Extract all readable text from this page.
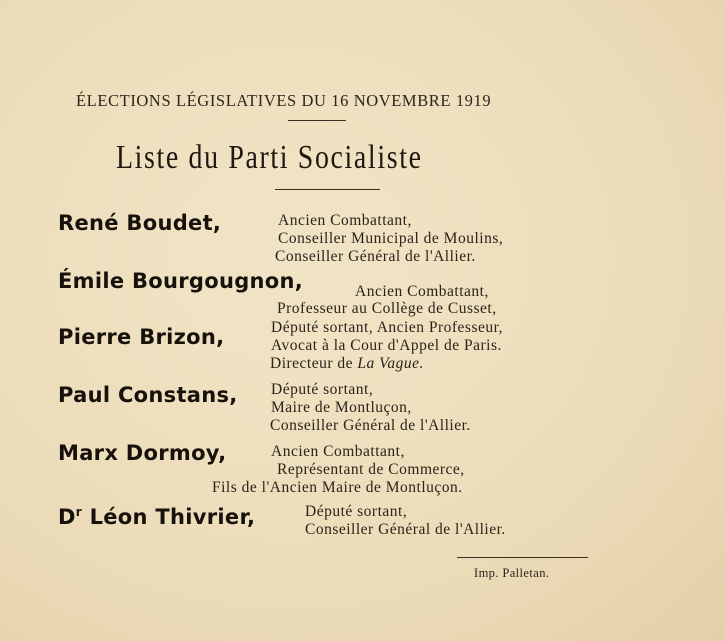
ÉLECTIONS LÉGISLATIVES DU 16 NOVEMBRE 1919
Liste du Parti Socialiste
René Boudet,	Ancien Combattant,
Conseiller Municipal de Moulins,
Conseiller Général de l'Allier.
Émile Bourgougnon,	Ancien Combattant,
Professeur au Collège de Cusset,
Pierre Brizon,	Député sortant, Ancien Professeur,
Avocat à la Cour d'Appel de Paris.
Directeur de La Vague.
Paul Constans, Député sortant,
Maire de Montluçon,
Conseiller Général de l'Allier.
Marx Dormoy,	Ancien Combattant,
Représentant de Commerce,
Fils de l'Ancien Maire de Montluçon.
$D^r$ Léon Thivrier,	Député sortant,
Conseiller Général de l'Allier.
Imp. Palletan.
